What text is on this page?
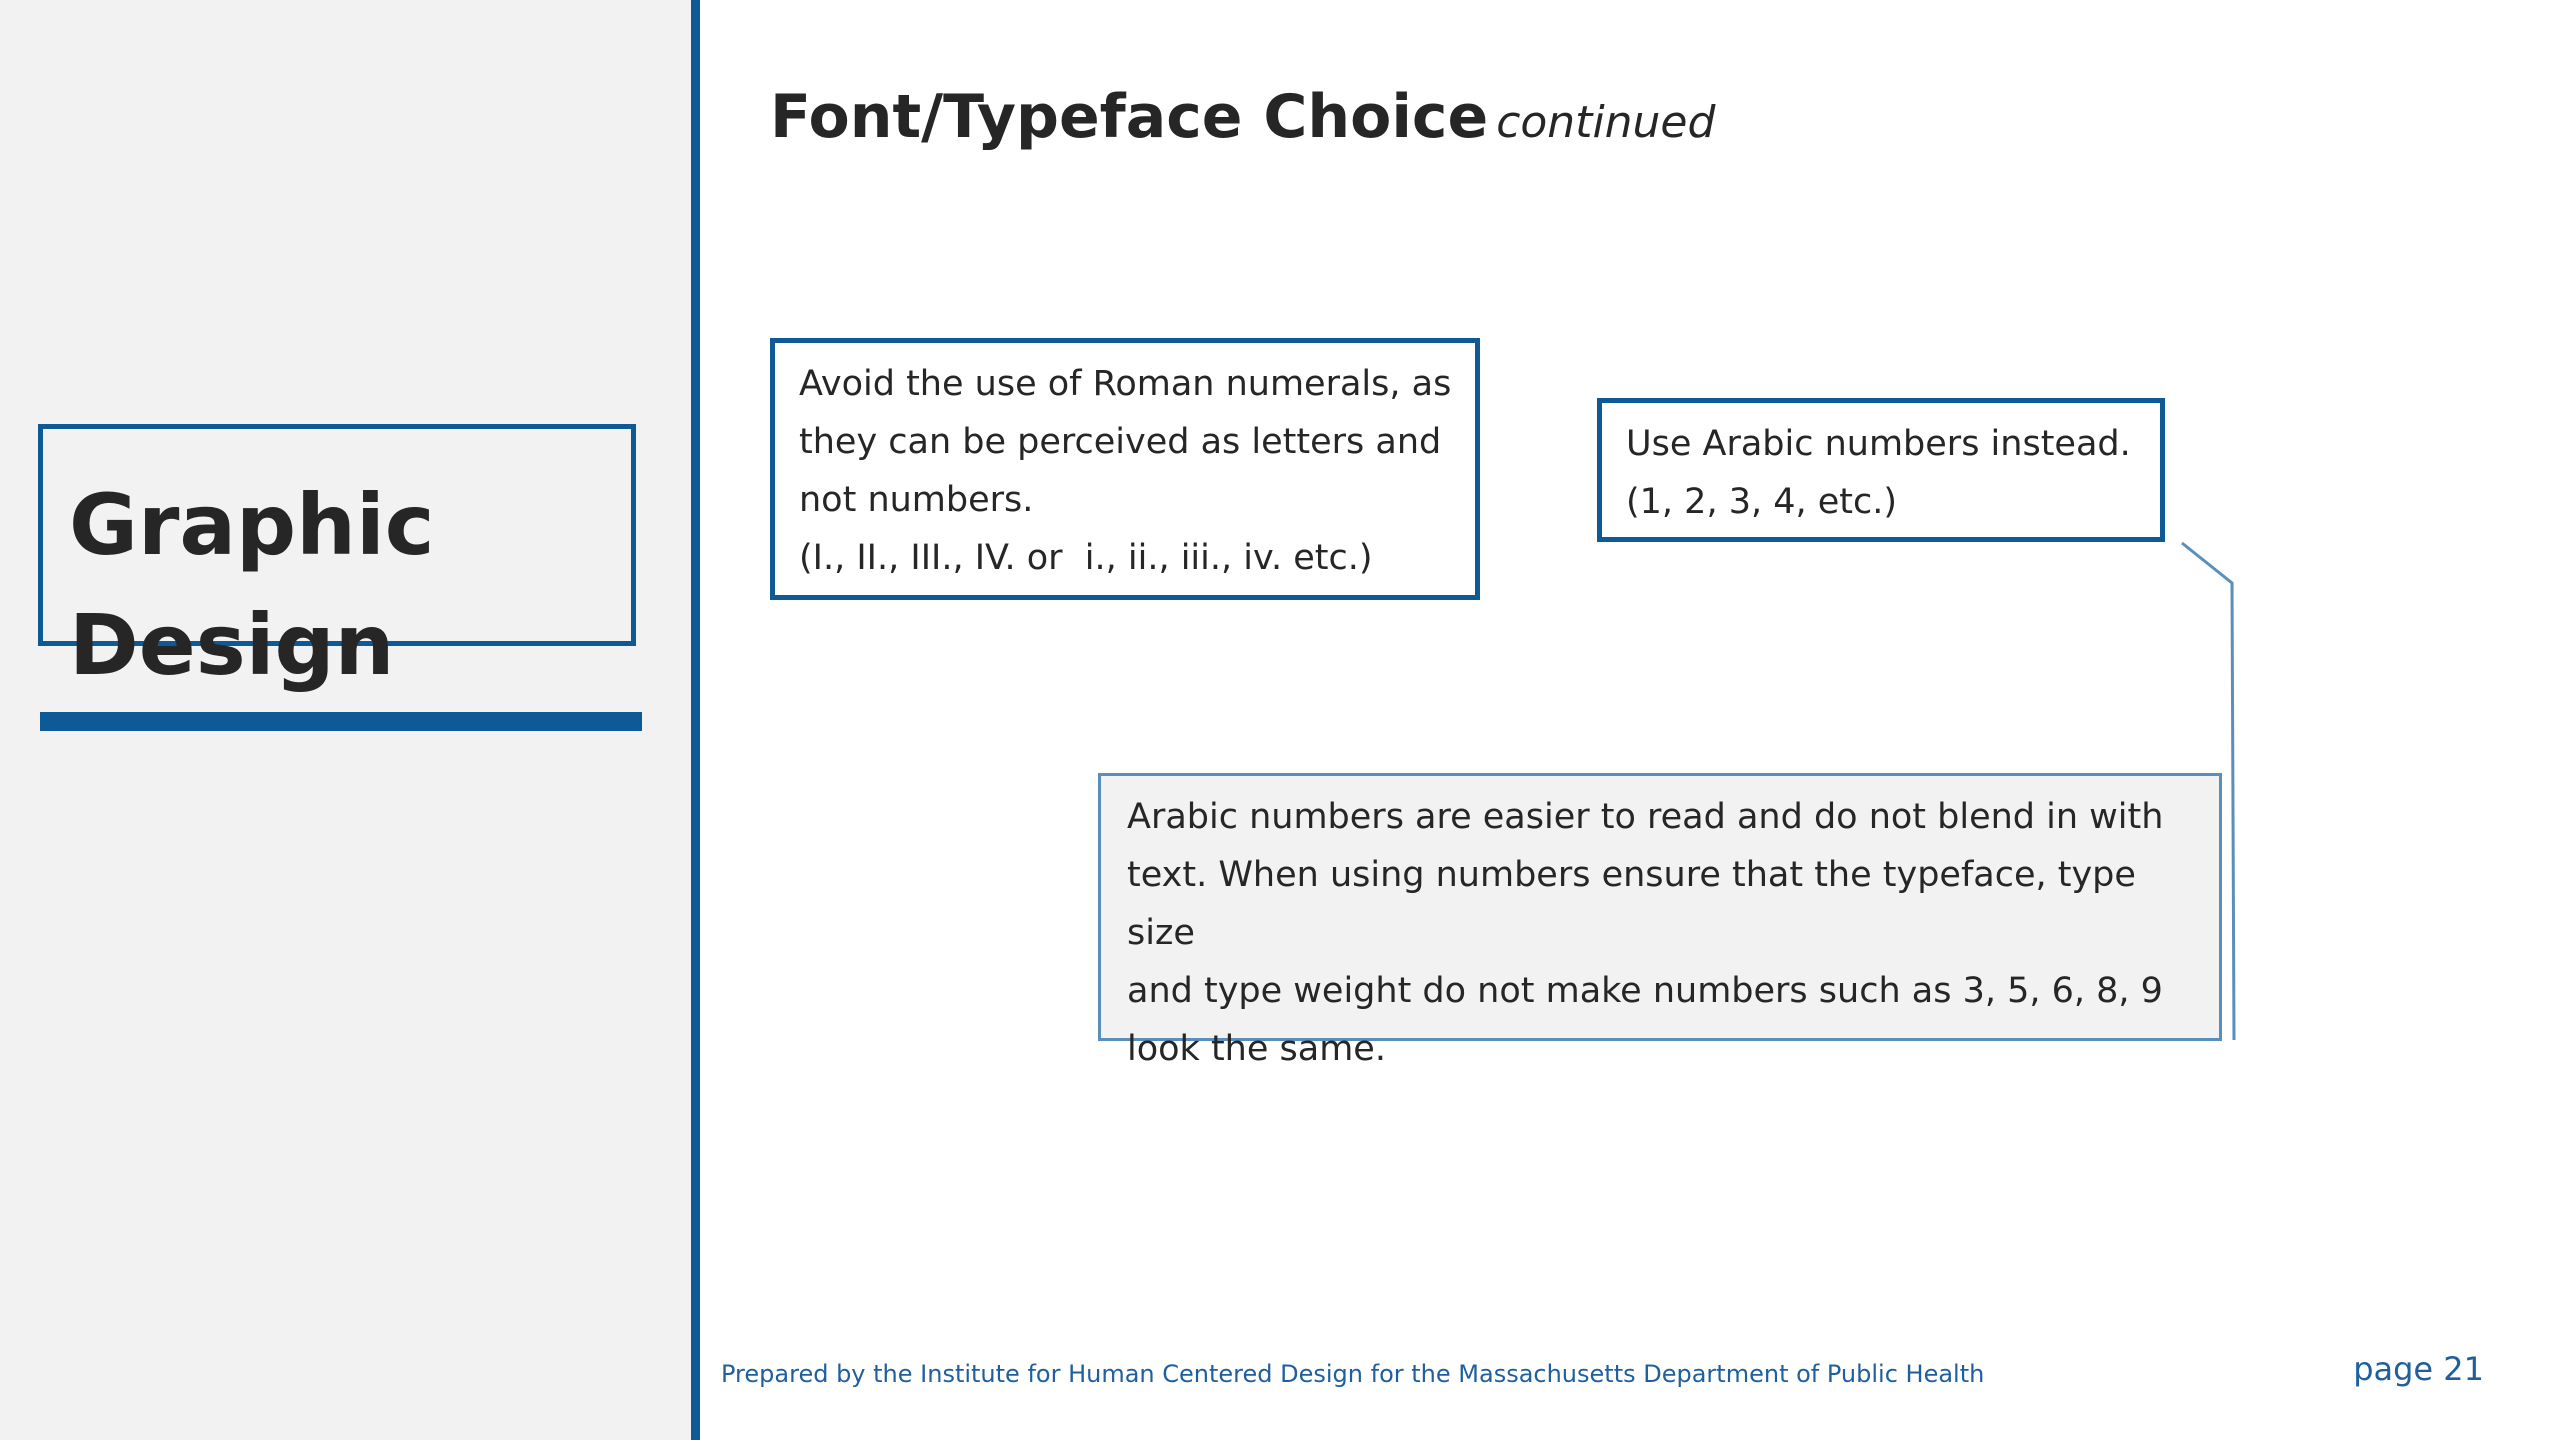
Graphic
Design
Font/Typeface Choice continued

Avoid the use of Roman numerals, as

they can be perceived as letters and

not numbers.

(I., II., III., IV. or  i., ii., iii., iv. etc.)

Use Arabic numbers instead.

(1, 2, 3, 4, etc.)

Arabic numbers are easier to read and do not blend in with

text. When using numbers ensure that the typeface, type size

and type weight do not make numbers such as 3, 5, 6, 8, 9

look the same.

Prepared by the Institute for Human Centered Design for the Massachusetts Department of Public Health	page 21
